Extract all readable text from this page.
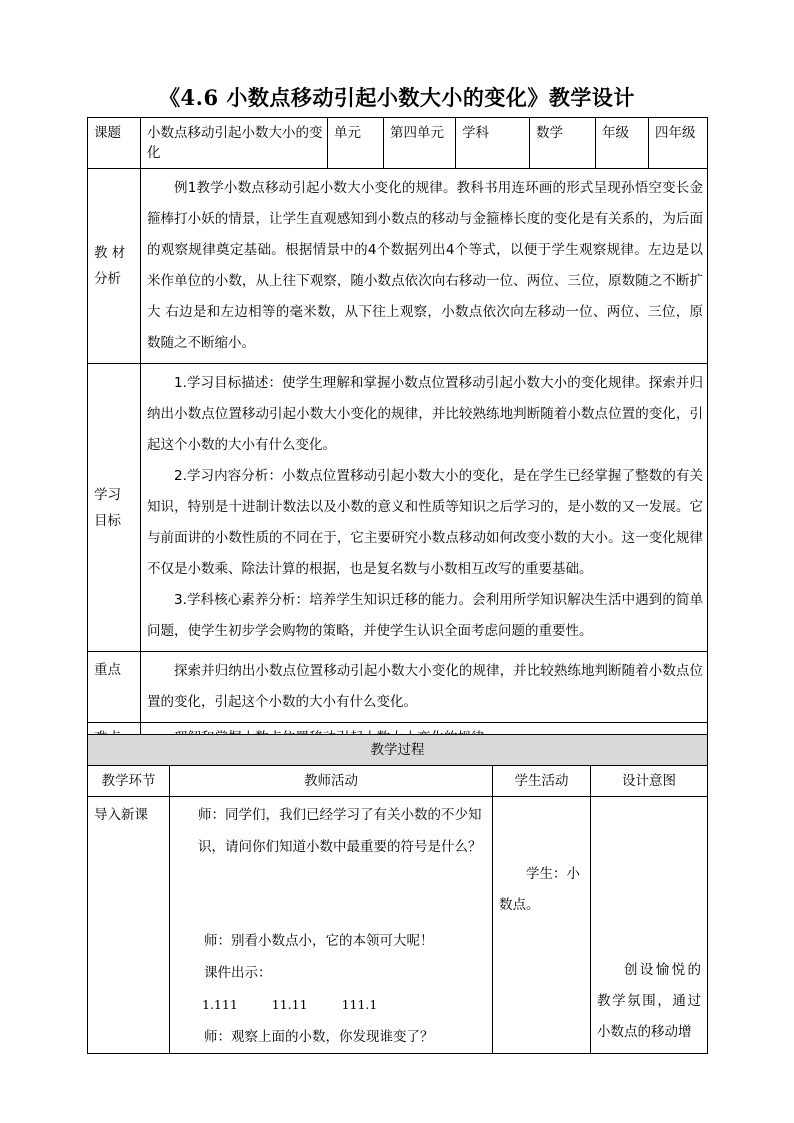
《4.6 小数点移动引起小数大小的变化》教学设计
课题	小数点移动引起小数大小的变化	单元	第四单元	学科	数学	年级	四年级
教 材 分析	例1教学小数点移动引起小数大小变化的规律。教科书用连环画的形式呈现孙悟空变长金箍棒打小妖的情景，让学生直观感知到小数点的移动与金箍棒长度的变化是有关系的，为后面的观察规律奠定基础。根据情景中的4个数据列出4个等式，以便于学生观察规律。左边是以米作单位的小数，从上往下观察，随小数点依次向右移动一位、两位、三位，原数随之不断扩大 右边是和左边相等的毫米数，从下往上观察，小数点依次向左移动一位、两位、三位，原数随之不断缩小。						

学习 目标	1.学习目标描述：使学生理解和掌握小数点位置移动引起小数大小的变化规律。探索并归纳出小数点位置移动引起小数大小变化的规律，并比较熟练地判断随着小数点位置的变化，引起这个小数的大小有什么变化。

2.学习内容分析：小数点位置移动引起小数大小的变化，是在学生已经掌握了整数的有关知识，特别是十进制计数法以及小数的意义和性质等知识之后学习的，是小数的又一发展。它与前面讲的小数性质的不同在于，它主要研究小数点移动如何改变小数的大小。这一变化规律不仅是小数乘、除法计算的根据，也是复名数与小数相互改写的重要基础。

3.学科核心素养分析：培养学生知识迁移的能力。会利用所学知识解决生活中遇到的简单问题，使学生初步学会购物的策略，并使学生认识全面考虑问题的重要性。						

重点	探索并归纳出小数点位置移动引起小数大小变化的规律，并比较熟练地判断随着小数点位置的变化，引起这个小数的大小有什么变化。						

教学过程			
教学环节	教师活动	学生活动	设计意图
导入新课	师：同学们，我们已经学习了有关小数的不少知识，请问你们知道小数中最重要的符号是什么？
师：别看小数点小，它的本领可大呢！
课件出示：
1.111 11.11 111.1
师：观察上面的小数，你发现谁变了？	学生：小数点。	创设愉悦的教学氛围，通过小数点的移动增
